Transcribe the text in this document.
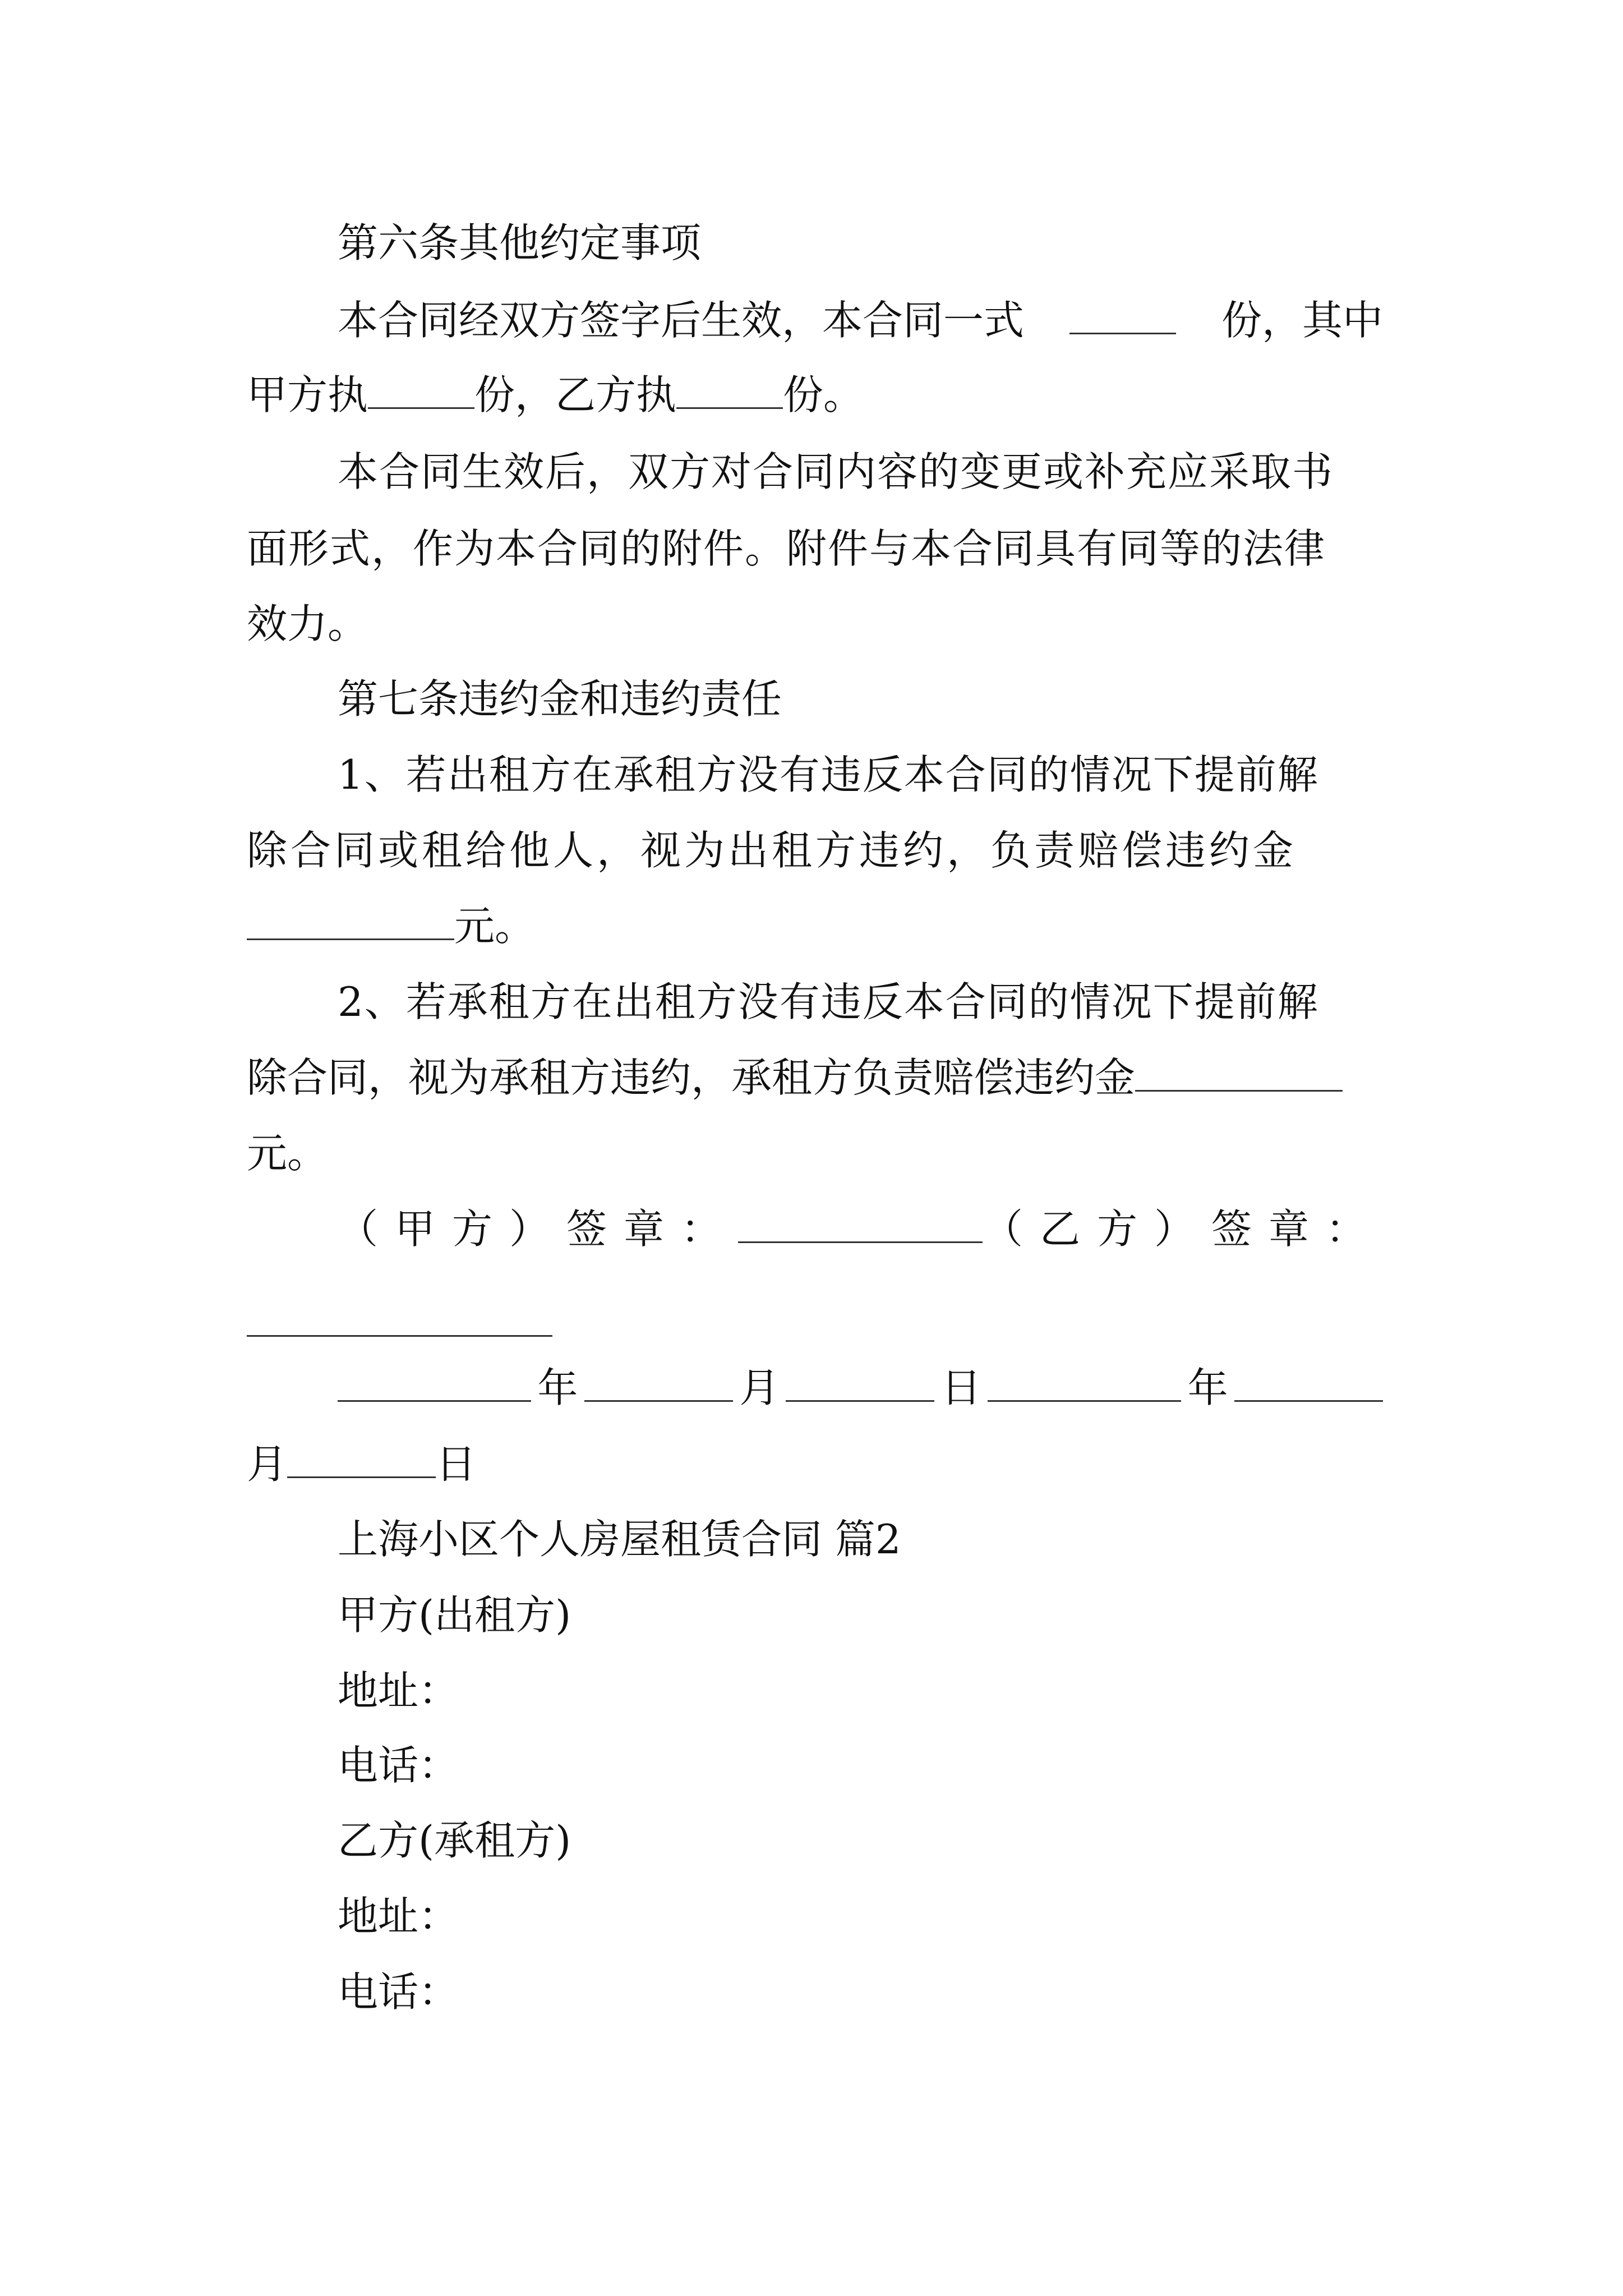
第六条其他约定事项
本合同经双方签字后生效，本合同一式	份，其中
甲方执	份，乙方执	份。
本合同生效后，双方对合同内容的变更或补充应采取书
面形式，作为本合同的附件。附件与本合同具有同等的法律
效力。
第七条违约金和违约责任
1、若出租方在承租方没有违反本合同的情况下提前解
除合同或租给他人，视为出租方违约，负责赔偿违约金
元。
2、若承租方在出租方没有违反本合同的情况下提前解
除合同，视为承租方违约，承租方负责赔偿违约金
元。
（甲方）签章：	（乙方）签章：
年	月	日	年
月	日
上海小区个人房屋租赁合同 篇2
甲方(出租方)
地址：
电话：
乙方(承租方)
地址：
电话：
